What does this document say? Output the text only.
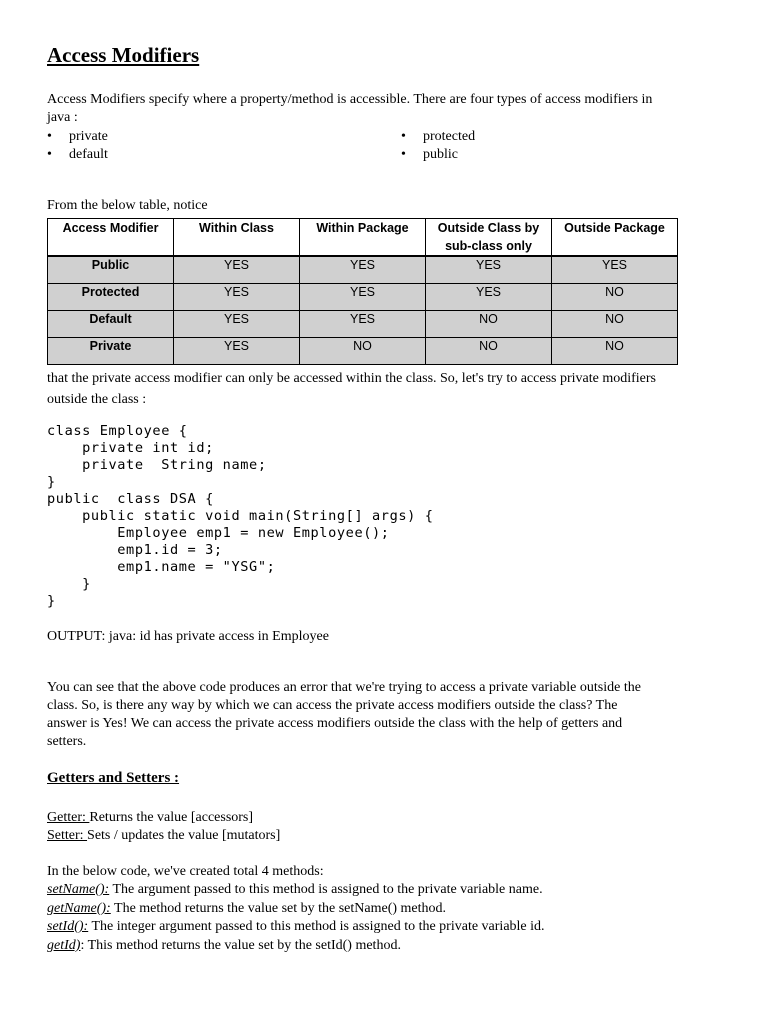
Access Modifiers
Access Modifiers specify where a property/method is accessible. There are four types of access modifiers in
java :
• private
• default
• protected
• public
From the below table, notice
Access Modifier	Within Class	Within Package	Outside Class by
sub-class only	Outside Package
Public	YES	YES	YES	YES
Protected	YES	YES	YES	NO
Default	YES	YES	NO	NO
Private	YES	NO	NO	NO
that the private access modifier can only be accessed within the class. So, let's try to access private modifiers
outside the class :
class Employee {
private int id;
private  String name;
}
public  class DSA {
public static void main(String[] args) {
Employee emp1 = new Employee();
emp1.id = 3;
emp1.name = "YSG";
}
}
OUTPUT: java: id has private access in Employee
You can see that the above code produces an error that we're trying to access a private variable outside the
class. So, is there any way by which we can access the private access modifiers outside the class? The
answer is Yes! We can access the private access modifiers outside the class with the help of getters and
setters.
Getters and Setters :
Getter: Returns the value [accessors]
Setter: Sets / updates the value [mutators]
In the below code, we've created total 4 methods:
setName(): The argument passed to this method is assigned to the private variable name.
getName(): The method returns the value set by the setName() method.
setId(): The integer argument passed to this method is assigned to the private variable id.
getId): This method returns the value set by the setId() method.
